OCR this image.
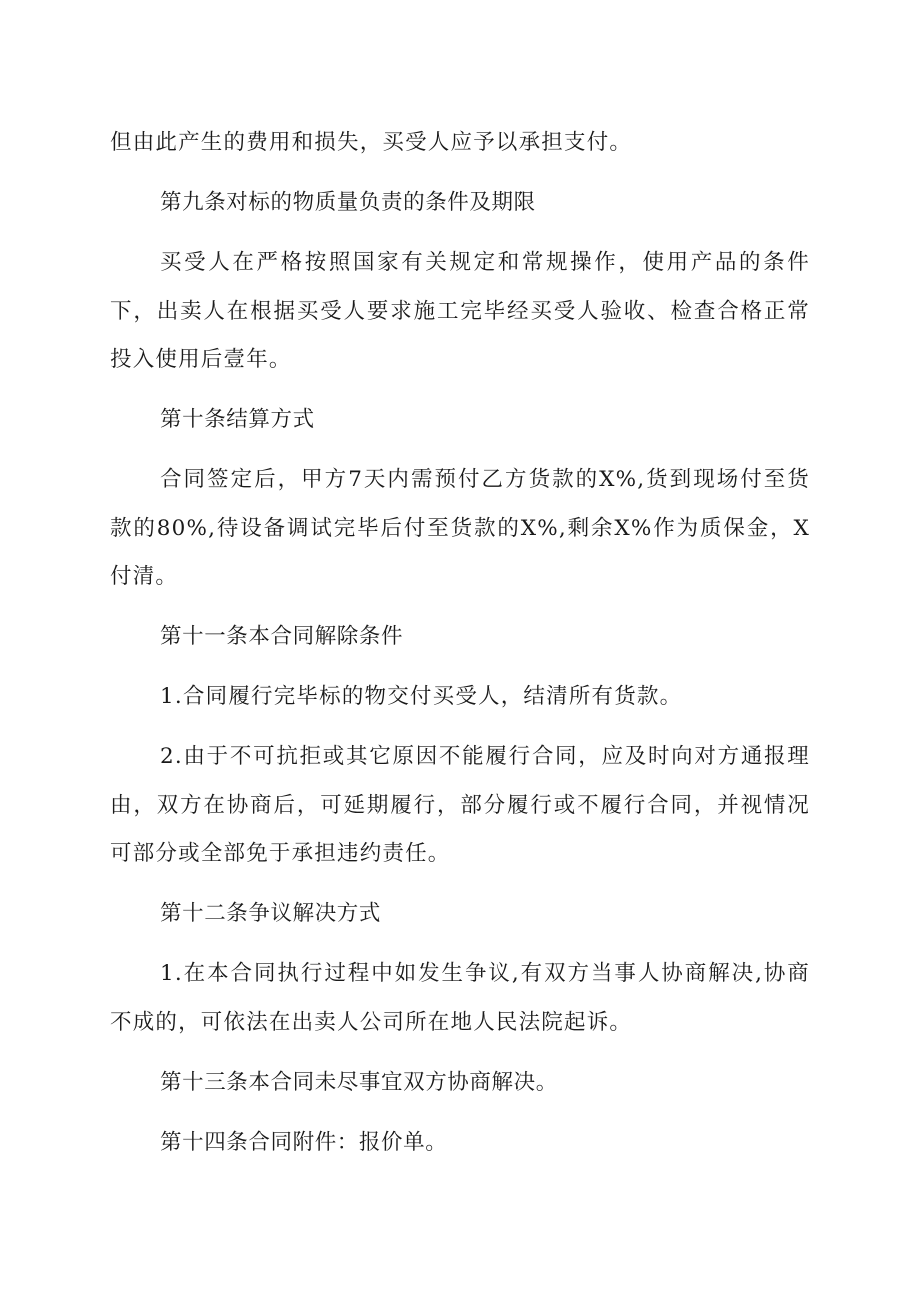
但由此产生的费用和损失，买受人应予以承担支付。

第九条对标的物质量负责的条件及期限

买受人在严格按照国家有关规定和常规操作，使用产品的条件下，出卖人在根据买受人要求施工完毕经买受人验收、检查合格正常投入使用后壹年。

第十条结算方式

合同签定后，甲方7天内需预付乙方货款的X%,货到现场付至货款的80%,待设备调试完毕后付至货款的X%,剩余X%作为质保金，X付清。

第十一条本合同解除条件

1.合同履行完毕标的物交付买受人，结清所有货款。

2.由于不可抗拒或其它原因不能履行合同，应及时向对方通报理由，双方在协商后，可延期履行，部分履行或不履行合同，并视情况可部分或全部免于承担违约责任。

第十二条争议解决方式

1.在本合同执行过程中如发生争议,有双方当事人协商解决,协商不成的，可依法在出卖人公司所在地人民法院起诉。

第十三条本合同未尽事宜双方协商解决。

第十四条合同附件：报价单。
